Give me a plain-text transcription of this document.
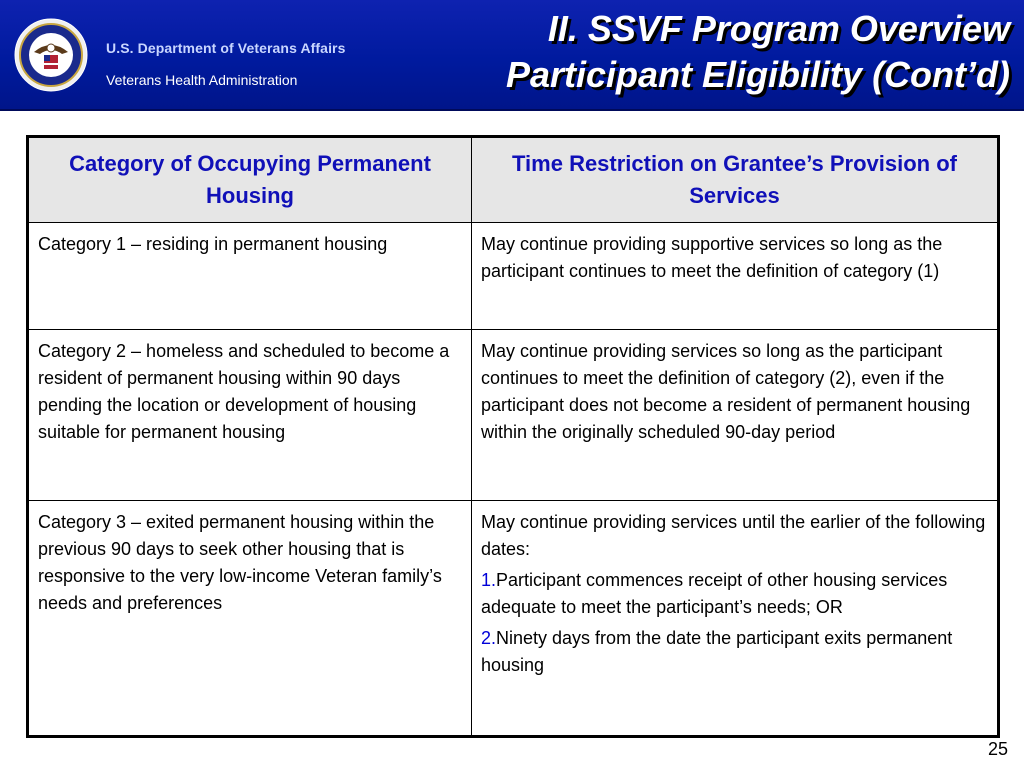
U.S. Department of Veterans Affairs
Veterans Health Administration
II. SSVF Program Overview
Participant Eligibility (Cont’d)
Category of Occupying Permanent Housing	Time Restriction on Grantee’s Provision of Services
Category 1 – residing in permanent housing	May continue providing supportive services so long as the participant continues to meet the definition of category (1)
Category 2 – homeless and scheduled to become a resident of permanent housing within 90 days pending the location or development of housing suitable for permanent housing	May continue providing services so long as the participant continues to meet the definition of category (2), even if the participant does not become a resident of permanent housing within the originally scheduled 90-day period
Category 3 – exited permanent housing within the previous 90 days to seek other housing that is responsive to the very low-income Veteran family’s needs and preferences	May continue providing services until the earlier of the following dates:
1.Participant commences receipt of other housing services adequate to meet the participant’s needs; OR
2.Ninety days from the date the participant exits permanent housing
25
